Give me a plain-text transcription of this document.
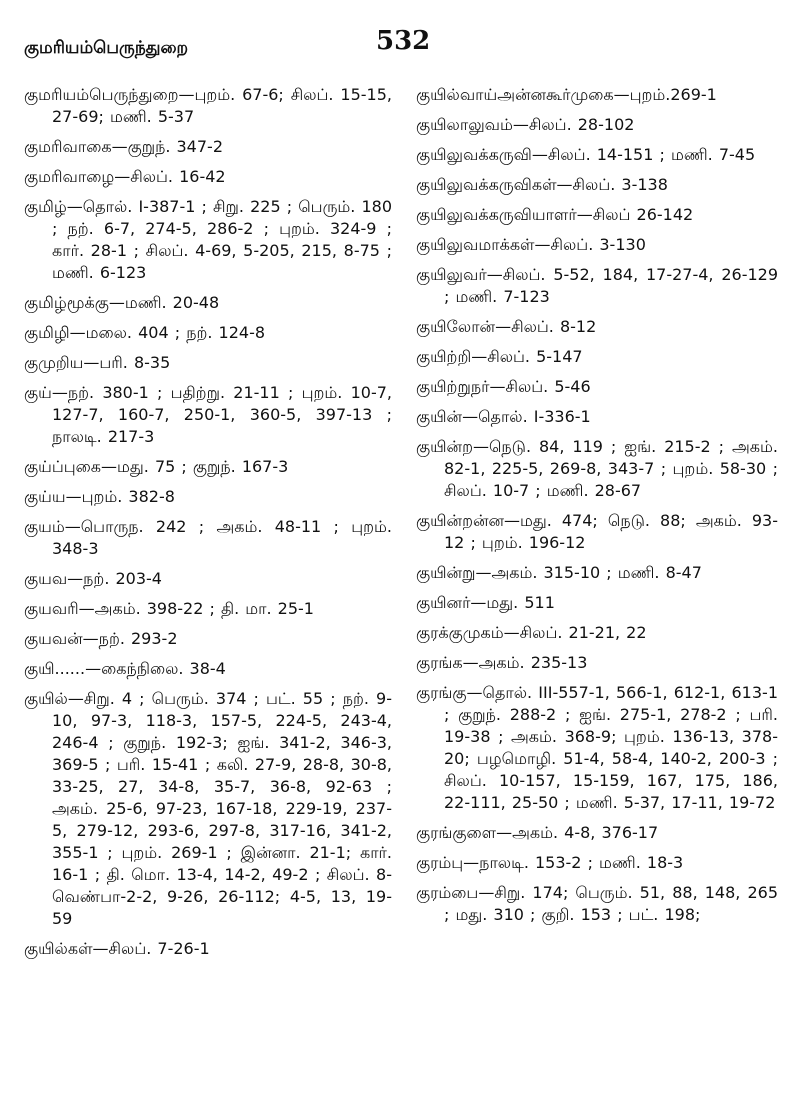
குமரியம்பெருந்துறை	532

குமரியம்பெருந்துறை—புறம். 67-6; சிலப். 15-15, 27-69; மணி. 5-37

குமரிவாகை—குறுந். 347-2

குமரிவாழை—சிலப். 16-42

குமிழ்—தொல். I-387-1 ; சிறு. 225 ; பெரும். 180 ; நற். 6-7, 274-5, 286-2 ; புறம். 324-9 ; கார். 28-1 ; சிலப். 4-69, 5-205, 215, 8-75 ; மணி. 6-123

குமிழ்மூக்கு—மணி. 20-48

குமிழி—மலை. 404 ; நற். 124-8

குமுறிய—பரி. 8-35

குய்—நற். 380-1 ; பதிற்று. 21-11 ; புறம். 10-7, 127-7, 160-7, 250-1, 360-5, 397-13 ; நாலடி. 217-3

குய்ப்புகை—மது. 75 ; குறுந். 167-3

குய்ய—புறம். 382-8

குயம்—பொருந. 242 ; அகம். 48-11 ; புறம். 348-3

குயவ—நற். 203-4

குயவரி—அகம். 398-22 ; தி. மா. 25-1

குயவன்—நற். 293-2

குயி......—கைந்நிலை. 38-4

குயில்—சிறு. 4 ; பெரும். 374 ; பட். 55 ; நற். 9-10, 97-3, 118-3, 157-5, 224-5, 243-4, 246-4 ; குறுந். 192-3; ஐங். 341-2, 346-3, 369-5 ; பரி. 15-41 ; கலி. 27-9, 28-8, 30-8, 33-25, 27, 34-8, 35-7, 36-8, 92-63 ; அகம். 25-6, 97-23, 167-18, 229-19, 237-5, 279-12, 293-6, 297-8, 317-16, 341-2, 355-1 ; புறம். 269-1 ; இன்னா. 21-1; கார். 16-1 ; தி. மொ. 13-4, 14-2, 49-2 ; சிலப். 8-வெண்பா-2-2, 9-26, 26-112; 4-5, 13, 19-59

குயில்கள்—சிலப். 7-26-1

குயில்வாய்அன்னகூர்முகை—புறம்.269-1

குயிலாலுவம்—சிலப். 28-102

குயிலுவக்கருவி—சிலப். 14-151 ; மணி. 7-45

குயிலுவக்கருவிகள்—சிலப். 3-138

குயிலுவக்கருவியாளர்—சிலப் 26-142

குயிலுவமாக்கள்—சிலப். 3-130

குயிலுவர்—சிலப். 5-52, 184, 17-27-4, 26-129 ; மணி. 7-123

குயிலோன்—சிலப். 8-12

குயிற்றி—சிலப். 5-147

குயிற்றுநர்—சிலப். 5-46

குயின்—தொல். I-336-1

குயின்ற—நெடு. 84, 119 ; ஐங். 215-2 ; அகம். 82-1, 225-5, 269-8, 343-7 ; புறம். 58-30 ; சிலப். 10-7 ; மணி. 28-67

குயின்றன்ன—மது. 474; நெடு. 88; அகம். 93-12 ; புறம். 196-12

குயின்று—அகம். 315-10 ; மணி. 8-47

குயினர்—மது. 511

குரக்குமுகம்—சிலப். 21-21, 22

குரங்க—அகம். 235-13

குரங்கு—தொல். III-557-1, 566-1, 612-1, 613-1 ; குறுந். 288-2 ; ஐங். 275-1, 278-2 ; பரி. 19-38 ; அகம். 368-9; புறம். 136-13, 378-20; பழமொழி. 51-4, 58-4, 140-2, 200-3 ; சிலப். 10-157, 15-159, 167, 175, 186, 22-111, 25-50 ; மணி. 5-37, 17-11, 19-72

குரங்குளை—அகம். 4-8, 376-17

குரம்பு—நாலடி. 153-2 ; மணி. 18-3

குரம்பை—சிறு. 174; பெரும். 51, 88, 148, 265 ; மது. 310 ; குறி. 153 ; பட். 198;
